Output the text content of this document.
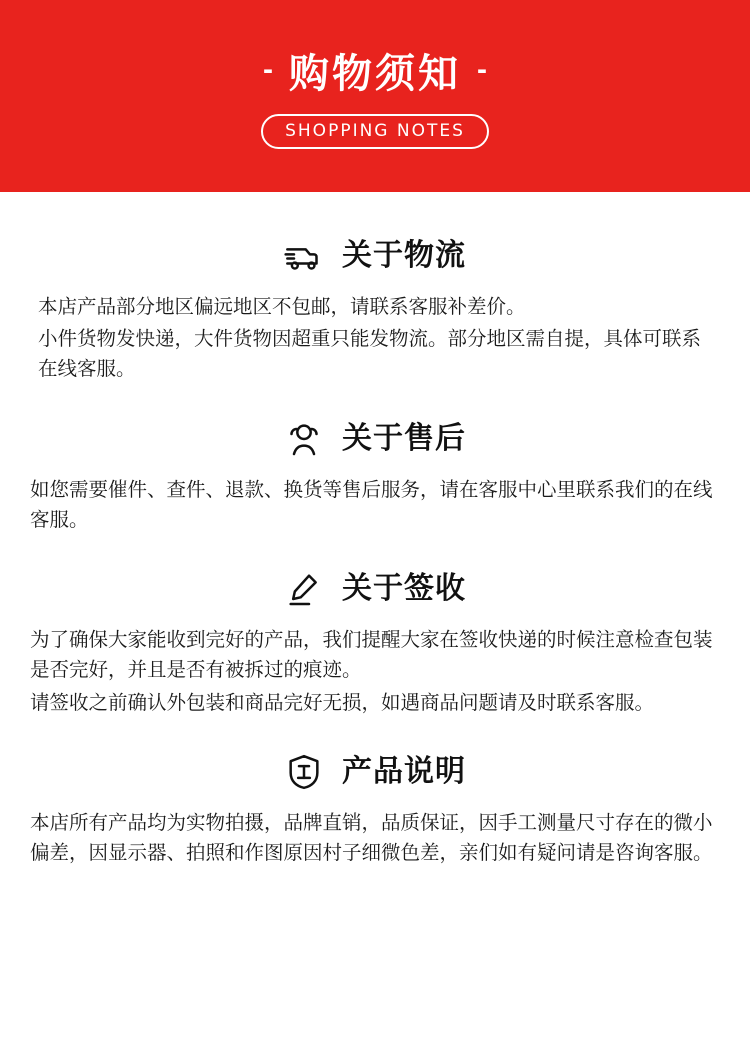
- 购物须知 -
SHOPPING NOTES
关于物流

本店产品部分地区偏远地区不包邮，请联系客服补差价。

小件货物发快递，大件货物因超重只能发物流。部分地区需自提，具体可联系在线客服。

关于售后

如您需要催件、查件、退款、换货等售后服务，请在客服中心里联系我们的在线客服。

关于签收

为了确保大家能收到完好的产品，我们提醒大家在签收快递的时候注意检查包装是否完好，并且是否有被拆过的痕迹。

请签收之前确认外包装和商品完好无损，如遇商品问题请及时联系客服。

产品说明

本店所有产品均为实物拍摄，品牌直销，品质保证，因手工测量尺寸存在的微小偏差，因显示器、拍照和作图原因村子细微色差，亲们如有疑问请是咨询客服。
